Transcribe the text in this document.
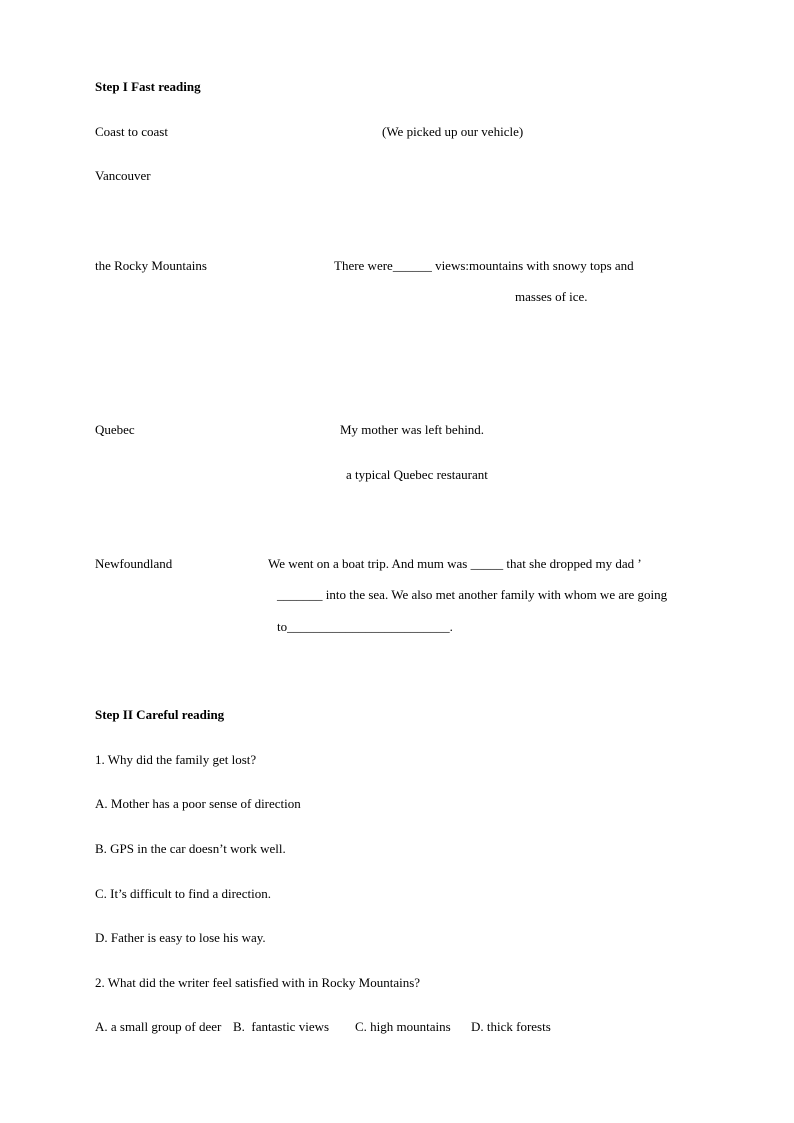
Step I Fast reading
Coast to coast	(We picked up our vehicle)
Vancouver
the Rocky Mountains	There were______ views:mountains with snowy tops and
masses of ice.
Quebec	My mother was left behind.
a typical Quebec restaurant
Newfoundland	We went on a boat trip. And mum was _____ that she dropped my dad ’
_______ into the sea. We also met another family with whom we are going
to_________________________.
Step II Careful reading
1. Why did the family get lost?
A. Mother has a poor sense of direction
B. GPS in the car doesn’t work well.
C. It’s difficult to find a direction.
D. Father is easy to lose his way.
2. What did the writer feel satisfied with in Rocky Mountains?
A. a small group of deer B.  fantastic views C. high mountains D. thick forests
